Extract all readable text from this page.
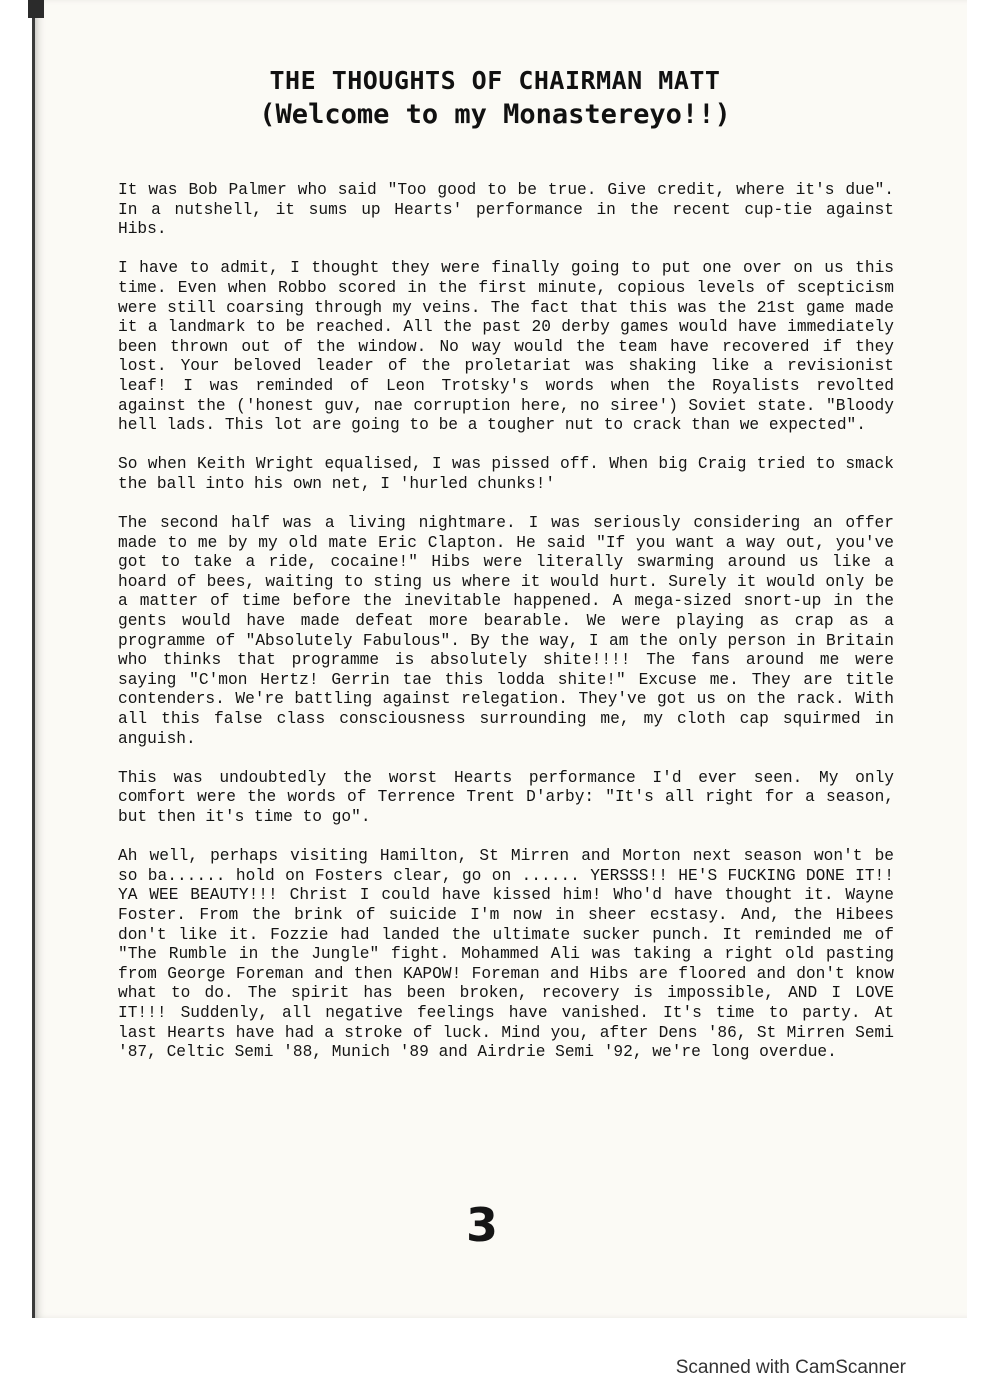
THE THOUGHTS OF CHAIRMAN MATT
(Welcome to my Monastereyo!!)

It was Bob Palmer who said "Too good to be true. Give credit, where it's due". In a nutshell, it sums up Hearts' performance in the recent cup-tie against Hibs.

I have to admit, I thought they were finally going to put one over on us this time. Even when Robbo scored in the first minute, copious levels of scepticism were still coarsing through my veins. The fact that this was the 21st game made it a landmark to be reached. All the past 20 derby games would have immediately been thrown out of the window. No way would the team have recovered if they lost. Your beloved leader of the proletariat was shaking like a revisionist leaf! I was reminded of Leon Trotsky's words when the Royalists revolted against the ('honest guv, nae corruption here, no siree') Soviet state. "Bloody hell lads. This lot are going to be a tougher nut to crack than we expected".

So when Keith Wright equalised, I was pissed off. When big Craig tried to smack the ball into his own net, I 'hurled chunks!'

The second half was a living nightmare. I was seriously considering an offer made to me by my old mate Eric Clapton. He said "If you want a way out, you've got to take a ride, cocaine!" Hibs were literally swarming around us like a hoard of bees, waiting to sting us where it would hurt. Surely it would only be a matter of time before the inevitable happened. A mega-sized snort-up in the gents would have made defeat more bearable. We were playing as crap as a programme of "Absolutely Fabulous". By the way, I am the only person in Britain who thinks that programme is absolutely shite!!!! The fans around me were saying "C'mon Hertz! Gerrin tae this lodda shite!" Excuse me. They are title contenders. We're battling against relegation. They've got us on the rack. With all this false class consciousness surrounding me, my cloth cap squirmed in anguish.

This was undoubtedly the worst Hearts performance I'd ever seen. My only comfort were the words of Terrence Trent D'arby: "It's all right for a season, but then it's time to go".

Ah well, perhaps visiting Hamilton, St Mirren and Morton next season won't be so ba...... hold on Fosters clear, go on ...... YERSSS!! HE'S FUCKING DONE IT!! YA WEE BEAUTY!!! Christ I could have kissed him! Who'd have thought it. Wayne Foster. From the brink of suicide I'm now in sheer ecstasy. And, the Hibees don't like it. Fozzie had landed the ultimate sucker punch. It reminded me of "The Rumble in the Jungle" fight. Mohammed Ali was taking a right old pasting from George Foreman and then KAPOW! Foreman and Hibs are floored and don't know what to do. The spirit has been broken, recovery is impossible, AND I LOVE IT!!! Suddenly, all negative feelings have vanished. It's time to party. At last Hearts have had a stroke of luck. Mind you, after Dens '86, St Mirren Semi '87, Celtic Semi '88, Munich '89 and Airdrie Semi '92, we're long overdue.

3
Scanned with CamScanner
